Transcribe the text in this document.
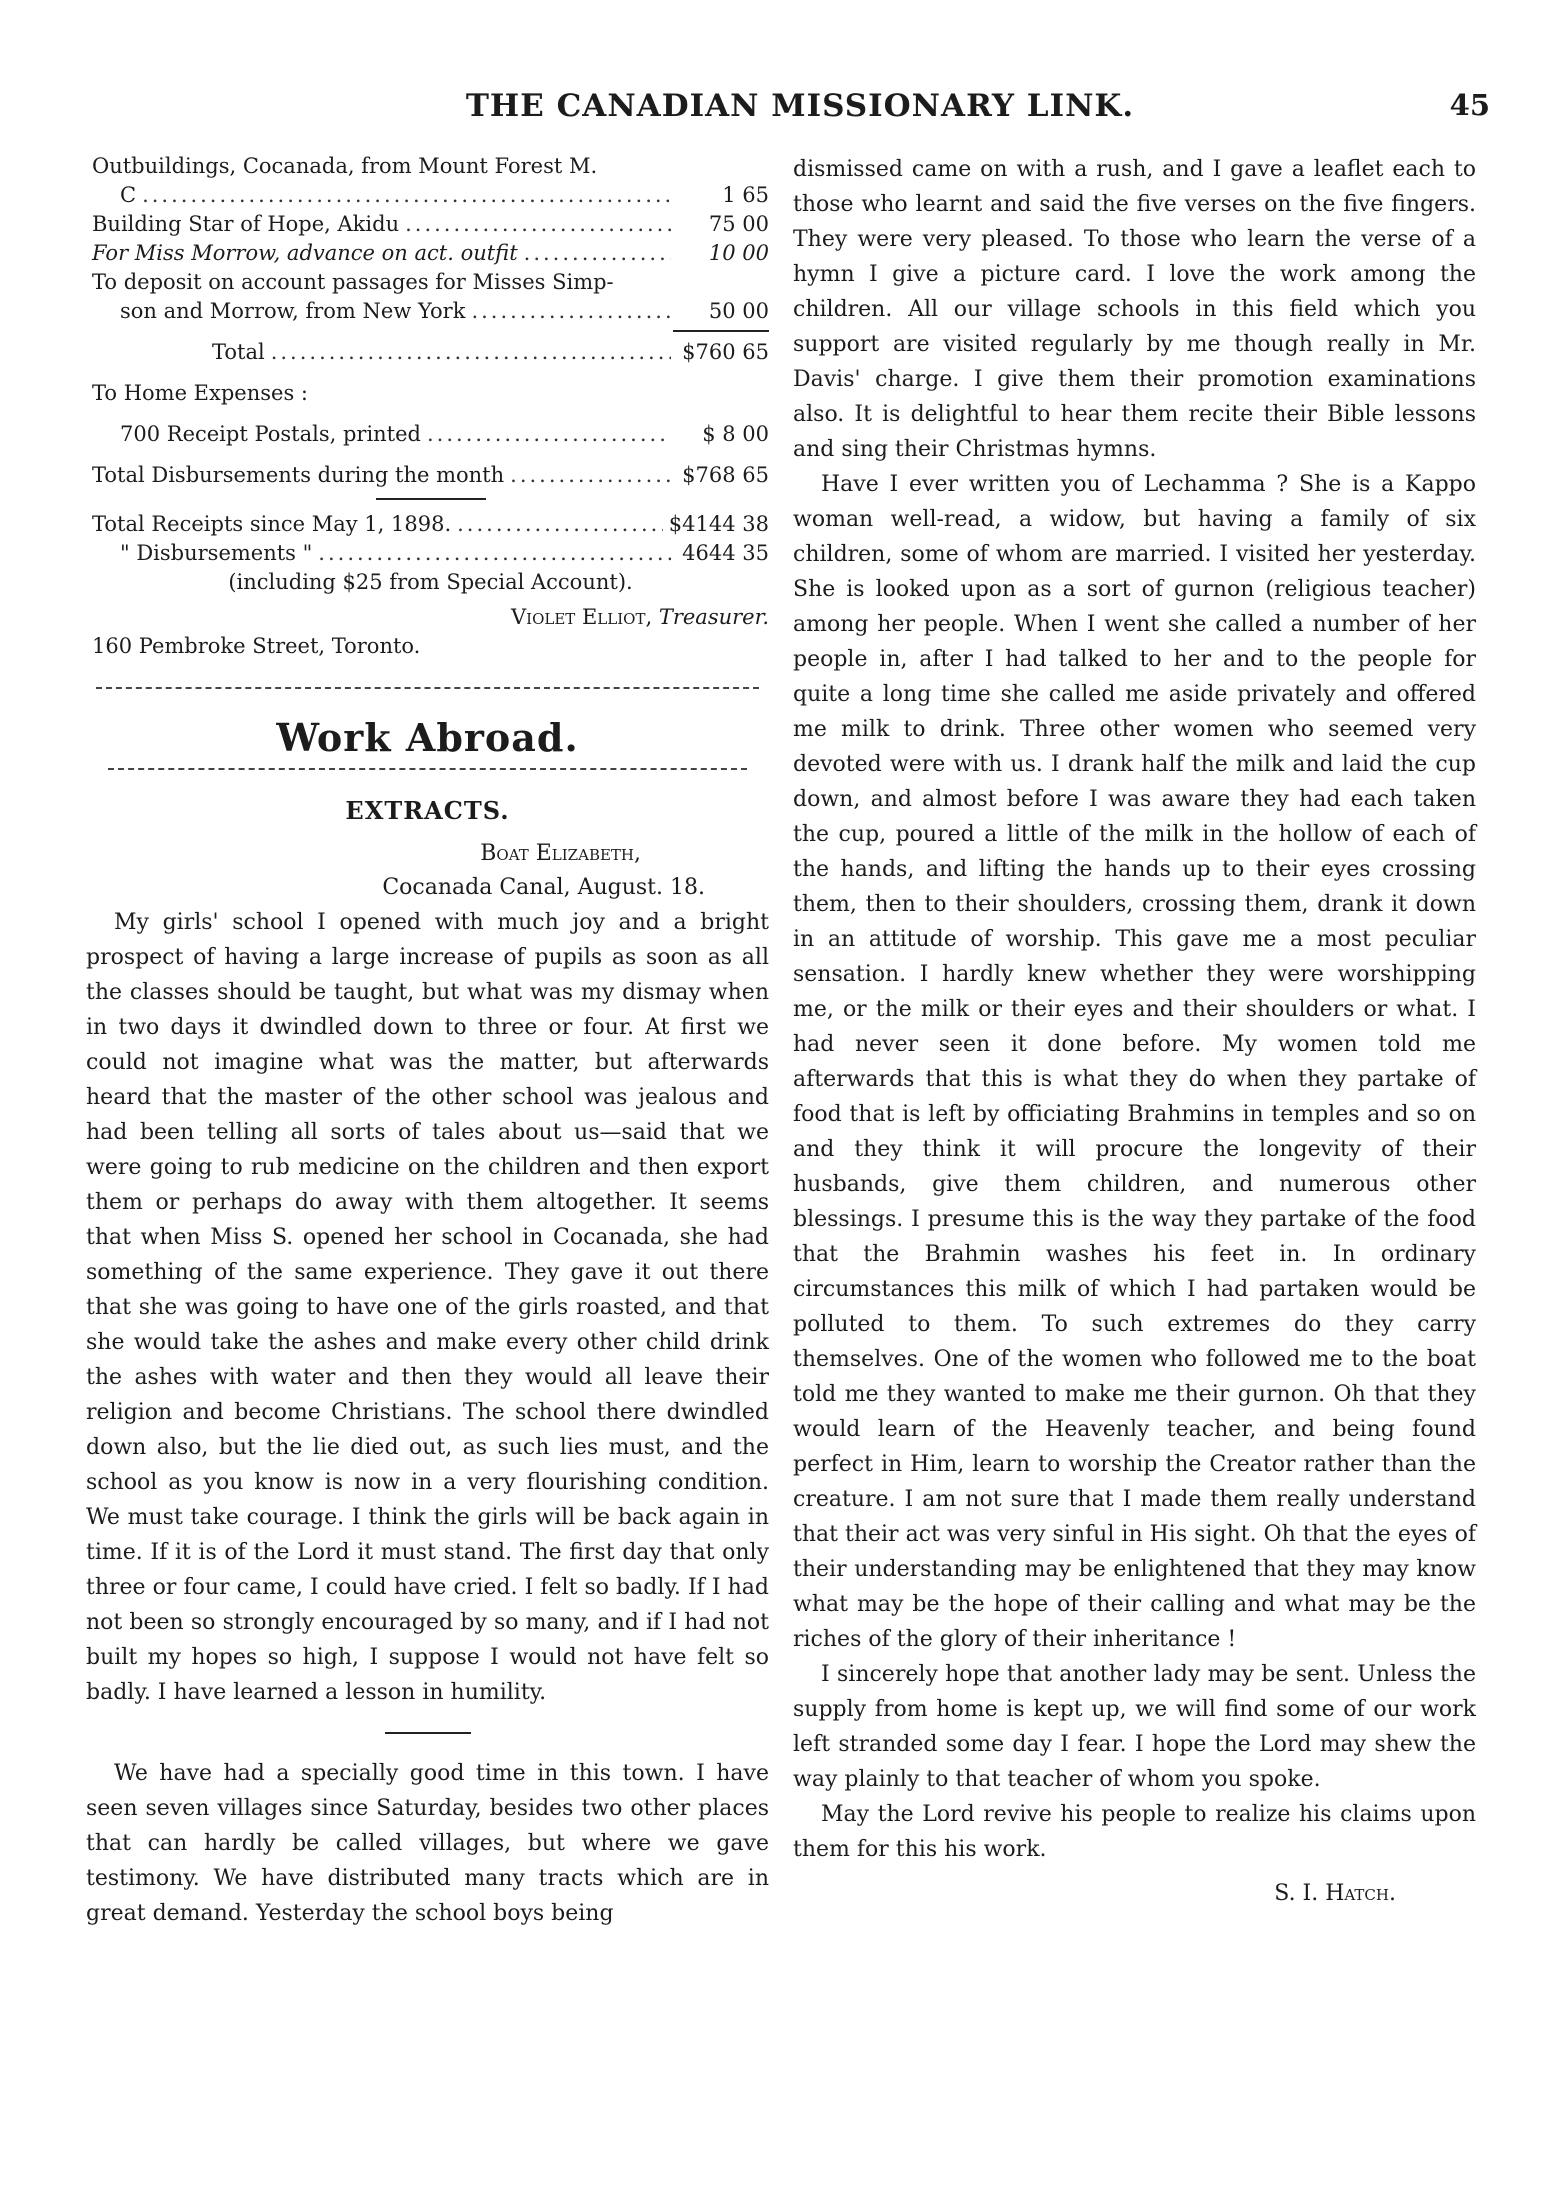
THE CANADIAN MISSIONARY LINK.	45
Outbuildings, Cocanada, from Mount Forest M.
C .....	1 65
Building Star of Hope, Akidu .....	75 00
For Miss Morrow, advance on act. outfit .....	10 00
To deposit on account passages for Misses Simp-
son and Morrow, from New York .....	50 00
Total .....	$760 65
To Home Expenses :
700 Receipt Postals, printed .....	$ 8 00
Total Disbursements during the month .....	$768 65
Total Receipts since May 1, 1898. .....	$4144 38
" Disbursements " .....	4644 35
(including $25 from Special Account).
Violet Elliot, Treasurer.
160 Pembroke Street, Toronto.
Work Abroad.
EXTRACTS.
Boat Elizabeth,
Cocanada Canal, August. 18.

My girls' school I opened with much joy and a bright prospect of having a large increase of pupils as soon as all the classes should be taught, but what was my dismay when in two days it dwindled down to three or four. At first we could not imagine what was the matter, but afterwards heard that the master of the other school was jealous and had been telling all sorts of tales about us—said that we were going to rub medicine on the children and then export them or perhaps do away with them altogether. It seems that when Miss S. opened her school in Cocanada, she had something of the same experience. They gave it out there that she was going to have one of the girls roasted, and that she would take the ashes and make every other child drink the ashes with water and then they would all leave their religion and become Christians. The school there dwindled down also, but the lie died out, as such lies must, and the school as you know is now in a very flourishing condition. We must take courage. I think the girls will be back again in time. If it is of the Lord it must stand. The first day that only three or four came, I could have cried. I felt so badly. If I had not been so strongly encouraged by so many, and if I had not built my hopes so high, I suppose I would not have felt so badly. I have learned a lesson in humility.

We have had a specially good time in this town. I have seen seven villages since Saturday, besides two other places that can hardly be called villages, but where we gave testimony. We have distributed many tracts which are in great demand. Yesterday the school boys being

dismissed came on with a rush, and I gave a leaflet each to those who learnt and said the five verses on the five fingers. They were very pleased. To those who learn the verse of a hymn I give a picture card. I love the work among the children. All our village schools in this field which you support are visited regularly by me though really in Mr. Davis' charge. I give them their promotion examinations also. It is delightful to hear them recite their Bible lessons and sing their Christmas hymns.

Have I ever written you of Lechamma ? She is a Kappo woman well-read, a widow, but having a family of six children, some of whom are married. I visited her yesterday. She is looked upon as a sort of gurnon (religious teacher) among her people. When I went she called a number of her people in, after I had talked to her and to the people for quite a long time she called me aside privately and offered me milk to drink. Three other women who seemed very devoted were with us. I drank half the milk and laid the cup down, and almost before I was aware they had each taken the cup, poured a little of the milk in the hollow of each of the hands, and lifting the hands up to their eyes crossing them, then to their shoulders, crossing them, drank it down in an attitude of worship. This gave me a most peculiar sensation. I hardly knew whether they were worshipping me, or the milk or their eyes and their shoulders or what. I had never seen it done before. My women told me afterwards that this is what they do when they partake of food that is left by officiating Brahmins in temples and so on and they think it will procure the longevity of their husbands, give them children, and numerous other blessings. I presume this is the way they partake of the food that the Brahmin washes his feet in. In ordinary circumstances this milk of which I had partaken would be polluted to them. To such extremes do they carry themselves. One of the women who followed me to the boat told me they wanted to make me their gurnon. Oh that they would learn of the Heavenly teacher, and being found perfect in Him, learn to worship the Creator rather than the creature. I am not sure that I made them really understand that their act was very sinful in His sight. Oh that the eyes of their understanding may be enlightened that they may know what may be the hope of their calling and what may be the riches of the glory of their inheritance !

I sincerely hope that another lady may be sent. Unless the supply from home is kept up, we will find some of our work left stranded some day I fear. I hope the Lord may shew the way plainly to that teacher of whom you spoke.

May the Lord revive his people to realize his claims upon them for this his work.

S. I. Hatch.
